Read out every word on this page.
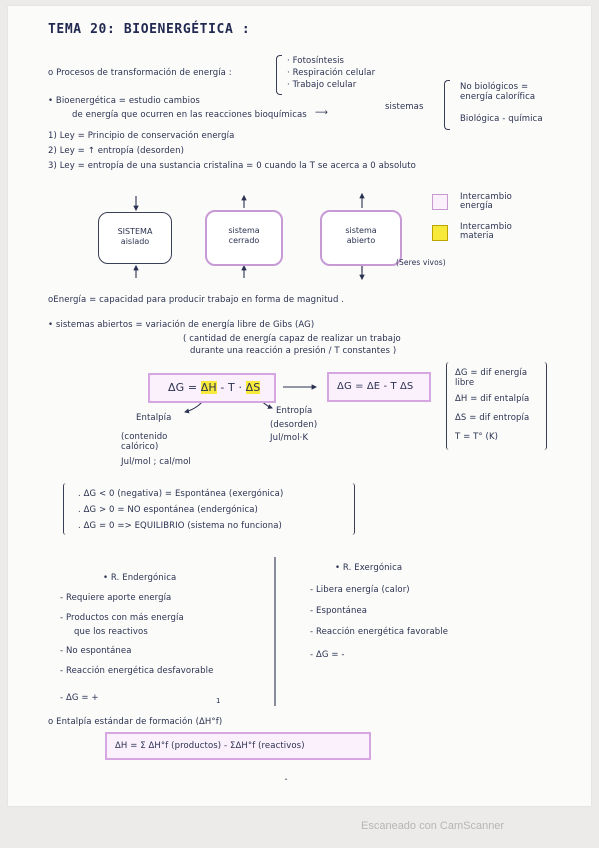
TEMA 20: BIOENERGÉTICA :
o Procesos de transformación de energía :
· Fotosíntesis
· Respiración celular
· Trabajo celular
• Bioenergética = estudio cambios
de energía que ocurren en las reacciones bioquímicas ⟶
sistemas
No biológicos = energía calorífica
Biológica - química
1) Ley = Principio de conservación energía
2) Ley = ↑ entropía (desorden)
3) Ley = entropía de una sustancia cristalina = 0 cuando la T se acerca a 0 absoluto
Intercambio energía
Intercambio materia
SISTEMA aislado
sistema cerrado
sistema abierto
(Seres vivos)
oEnergía = capacidad para producir trabajo en forma de magnitud .
• sistemas abiertos = variación de energía libre de Gibs (AG)
( cantidad de energía capaz de realizar un trabajo
durante una reacción a presión / T constantes )
ΔG = ΔH - T · ΔS	ΔG = ΔE - T ΔS
Entalpía
(contenido calórico)
Jul/mol ; cal/mol
Entropía
(desorden)
Jul/mol·K
ΔG = dif energía libre
ΔH = dif entalpía
ΔS = dif entropía
T = T° (K)
. ΔG < 0 (negativa) = Espontánea (exergónica)
. ΔG > 0 = NO espontánea (endergónica)
. ΔG = 0 => EQUILIBRIO (sistema no funciona)
• R. Endergónica
- Requiere aporte energía
- Productos con más energía
que los reactivos
- No espontánea
- Reacción energética desfavorable
- ΔG = +	1
• R. Exergónica
- Libera energía (calor)
- Espontánea
- Reacción energética favorable
- ΔG = -
o Entalpía estándar de formación (ΔH°f)
ΔH = Σ ΔH°f (productos) - ΣΔH°f (reactivos)
ˆ
Escaneado con CamScanner
